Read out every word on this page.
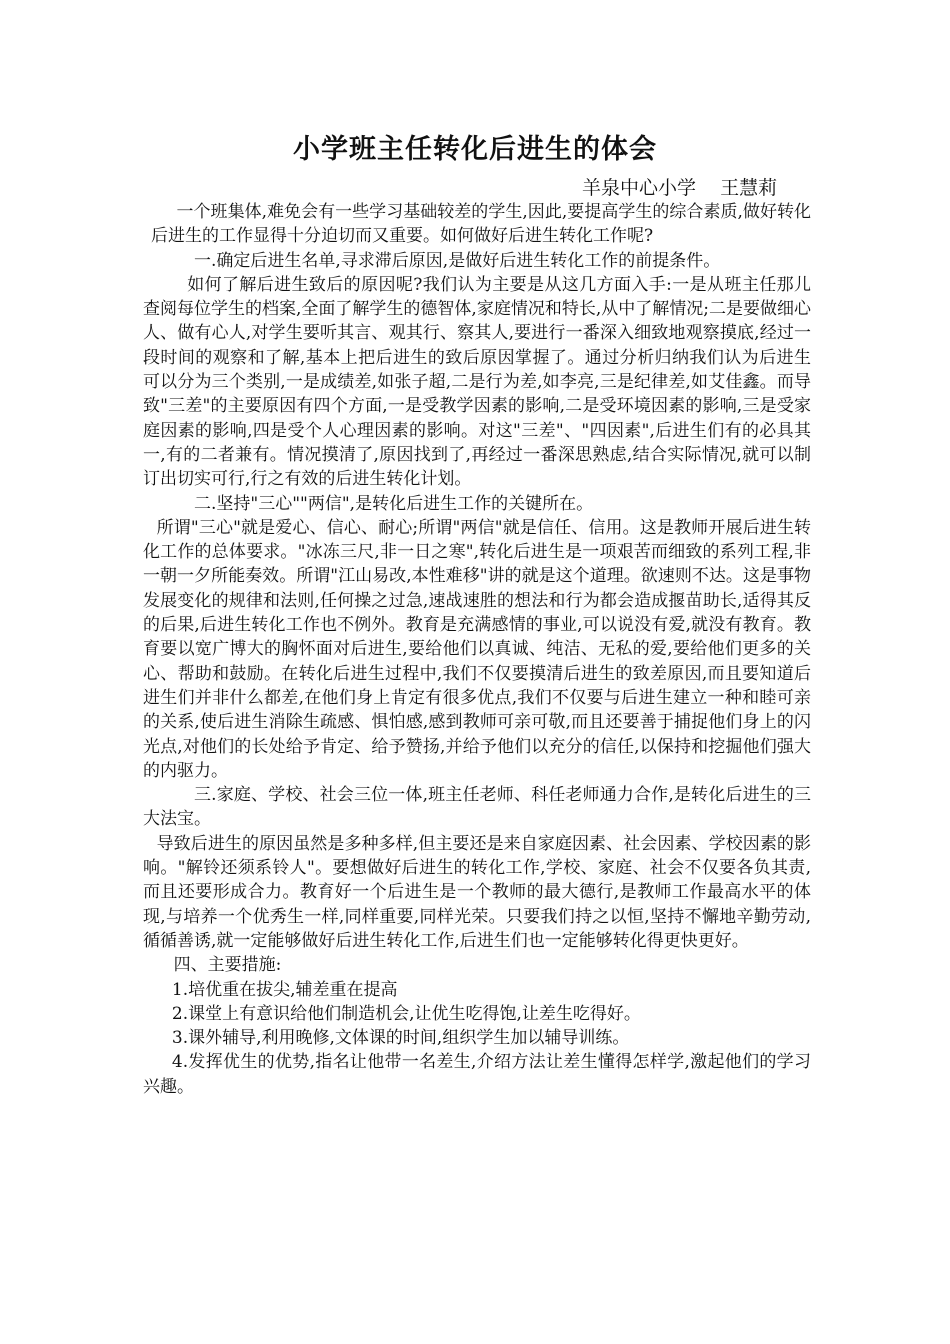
小学班主任转化后进生的体会
羊泉中心小学    王慧莉

一个班集体,难免会有一些学习基础较差的学生,因此,要提高学生的综合素质,做好转化后进生的工作显得十分迫切而又重要。如何做好后进生转化工作呢?

一.确定后进生名单,寻求滞后原因,是做好后进生转化工作的前提条件。

如何了解后进生致后的原因呢?我们认为主要是从这几方面入手:一是从班主任那儿查阅每位学生的档案,全面了解学生的德智体,家庭情况和特长,从中了解情况;二是要做细心人、做有心人,对学生要听其言、观其行、察其人,要进行一番深入细致地观察摸底,经过一段时间的观察和了解,基本上把后进生的致后原因掌握了。通过分析归纳我们认为后进生可以分为三个类别,一是成绩差,如张子超,二是行为差,如李亮,三是纪律差,如艾佳鑫。而导致"三差"的主要原因有四个方面,一是受教学因素的影响,二是受环境因素的影响,三是受家庭因素的影响,四是受个人心理因素的影响。对这"三差"、"四因素",后进生们有的必具其一,有的二者兼有。情况摸清了,原因找到了,再经过一番深思熟虑,结合实际情况,就可以制订出切实可行,行之有效的后进生转化计划。

二.坚持"三心""两信",是转化后进生工作的关键所在。

所谓"三心"就是爱心、信心、耐心;所谓"两信"就是信任、信用。这是教师开展后进生转化工作的总体要求。"冰冻三尺,非一日之寒",转化后进生是一项艰苦而细致的系列工程,非一朝一夕所能奏效。所谓"江山易改,本性难移"讲的就是这个道理。欲速则不达。这是事物发展变化的规律和法则,任何操之过急,速战速胜的想法和行为都会造成揠苗助长,适得其反的后果,后进生转化工作也不例外。教育是充满感情的事业,可以说没有爱,就没有教育。教育要以宽广博大的胸怀面对后进生,要给他们以真诚、纯洁、无私的爱,要给他们更多的关心、帮助和鼓励。在转化后进生过程中,我们不仅要摸清后进生的致差原因,而且要知道后进生们并非什么都差,在他们身上肯定有很多优点,我们不仅要与后进生建立一种和睦可亲的关系,使后进生消除生疏感、惧怕感,感到教师可亲可敬,而且还要善于捕捉他们身上的闪光点,对他们的长处给予肯定、给予赞扬,并给予他们以充分的信任,以保持和挖掘他们强大的内驱力。

三.家庭、学校、社会三位一体,班主任老师、科任老师通力合作,是转化后进生的三大法宝。

导致后进生的原因虽然是多种多样,但主要还是来自家庭因素、社会因素、学校因素的影响。"解铃还须系铃人"。要想做好后进生的转化工作,学校、家庭、社会不仅要各负其责,而且还要形成合力。教育好一个后进生是一个教师的最大德行,是教师工作最高水平的体现,与培养一个优秀生一样,同样重要,同样光荣。只要我们持之以恒,坚持不懈地辛勤劳动,循循善诱,就一定能够做好后进生转化工作,后进生们也一定能够转化得更快更好。

四、主要措施:

1.培优重在拔尖,辅差重在提高

2.课堂上有意识给他们制造机会,让优生吃得饱,让差生吃得好。

3.课外辅导,利用晚修,文体课的时间,组织学生加以辅导训练。

4.发挥优生的优势,指名让他带一名差生,介绍方法让差生懂得怎样学,激起他们的学习兴趣。
